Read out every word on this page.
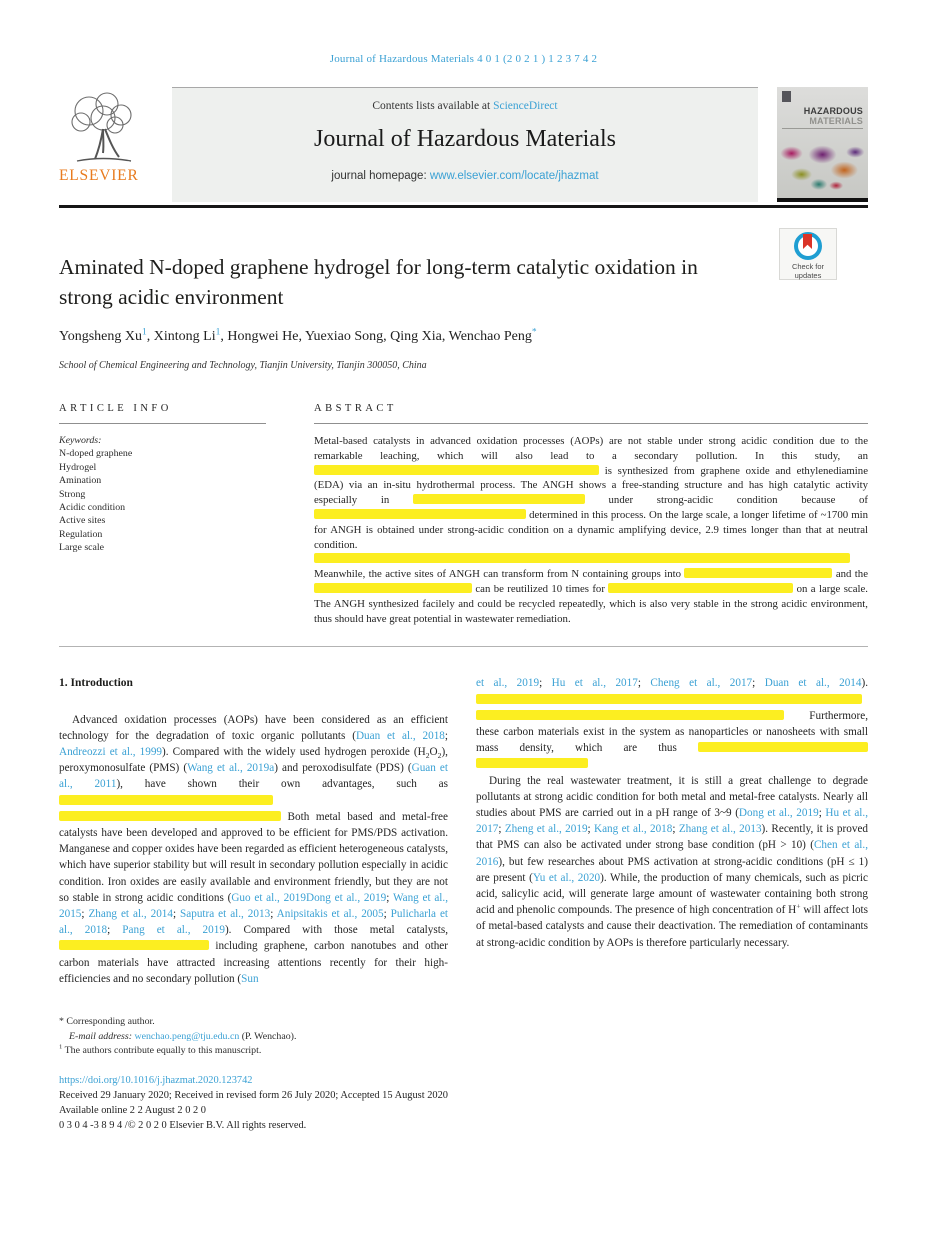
Journal of Hazardous Materials 4 0 1 (2 0 2 1 ) 1 2 3 7 4 2
ELSEVIER
Contents lists available at ScienceDirect
Journal of Hazardous Materials
journal homepage: www.elsevier.com/locate/jhazmat
HAZARDOUS
MATERIALS
Check for
updates
Aminated N-doped graphene hydrogel for long-term catalytic oxidation in strong acidic environment
Yongsheng Xu$^1$, Xintong Li$^1$, Hongwei He, Yuexiao Song, Qing Xia, Wenchao Peng*
School of Chemical Engineering and Technology, Tianjin University, Tianjin 300050, China
ARTICLE INFO
Keywords:
N-doped graphene
Hydrogel
Amination
Strong
Acidic condition
Active sites
Regulation
Large scale
ABSTRACT

Metal-based catalysts in advanced oxidation processes (AOPs) are not stable under strong acidic condition due to the remarkable leaching, which will also lead to a secondary pollution. In this study, an  is synthesized from graphene oxide and ethylenediamine (EDA) via an in-situ hydrothermal process. The ANGH shows a free-standing structure and has high catalytic activity especially in	under strong-acidic condition because of  determined in this process. On the large scale, a longer lifetime of ~1700 min for ANGH is obtained under strong-acidic condition on a dynamic amplifying device, 2.9 times longer than that at neutral condition.  Meanwhile, the active sites of ANGH can transform from N containing groups into	and the  can be reutilized 10 times for	on a large scale. The ANGH synthesized facilely and could be recycled repeatedly, which is also very stable in the strong acidic environment, thus should have great potential in wastewater remediation.

1. Introduction

Advanced oxidation processes (AOPs) have been considered as an efficient technology for the degradation of toxic organic pollutants (Duan et al., 2018; Andreozzi et al., 1999). Compared with the widely used hydrogen peroxide $(H_2O_2)$, peroxymonosulfate (PMS) (Wang et al., 2019a) and peroxodisulfate (PDS) (Guan et al., 2011), have shown their own advantages, such as   Both metal based and metal-free catalysts have been developed and approved to be efficient for PMS/PDS activation. Manganese and copper oxides have been regarded as efficient heterogeneous catalysts, which have superior stability but will result in secondary pollution especially in acidic condition. Iron oxides are easily available and environment friendly, but they are not so stable in strong acidic conditions (Guo et al., 2019Dong et al., 2019; Wang et al., 2015; Zhang et al., 2014; Saputra et al., 2013; Anipsitakis et al., 2005; Pulicharla et al., 2018; Pang et al., 2019). Compared with those metal catalysts,  including graphene, carbon nanotubes and other carbon materials have attracted increasing attentions recently for their high-efficiencies and no secondary pollution (Sun

et al., 2019; Hu et al., 2017; Cheng et al., 2017; Duan et al., 2014).   Furthermore, these carbon materials exist in the system as nanoparticles or nanosheets with small mass density, which are thus

During the real wastewater treatment, it is still a great challenge to degrade pollutants at strong acidic condition for both metal and metal-free catalysts. Nearly all studies about PMS are carried out in a pH range of 3~9 (Dong et al., 2019; Hu et al., 2017; Zheng et al., 2019; Kang et al., 2018; Zhang et al., 2013). Recently, it is proved that PMS can also be activated under strong base condition (pH > 10) (Chen et al., 2016), but few researches about PMS activation at strong-acidic conditions (pH ≤ 1) are present (Yu et al., 2020). While, the production of many chemicals, such as picric acid, salicylic acid, will generate large amount of wastewater containing both strong acid and phenolic compounds. The presence of high concentration of H+ will affect lots of metal-based catalysts and cause their deactivation. The remediation of contaminants at strong-acidic condition by AOPs is therefore particularly necessary.

* Corresponding author.
E-mail address: wenchao.peng@tju.edu.cn (P. Wenchao).
$^1$ The authors contribute equally to this manuscript.
https://doi.org/10.1016/j.jhazmat.2020.123742
Received 29 January 2020; Received in revised form 26 July 2020; Accepted 15 August 2020
Available online 2 2 August 2 0 2 0
0 3 0 4 -3 8 9 4 /© 2 0 2 0 Elsevier B.V. All rights reserved.
